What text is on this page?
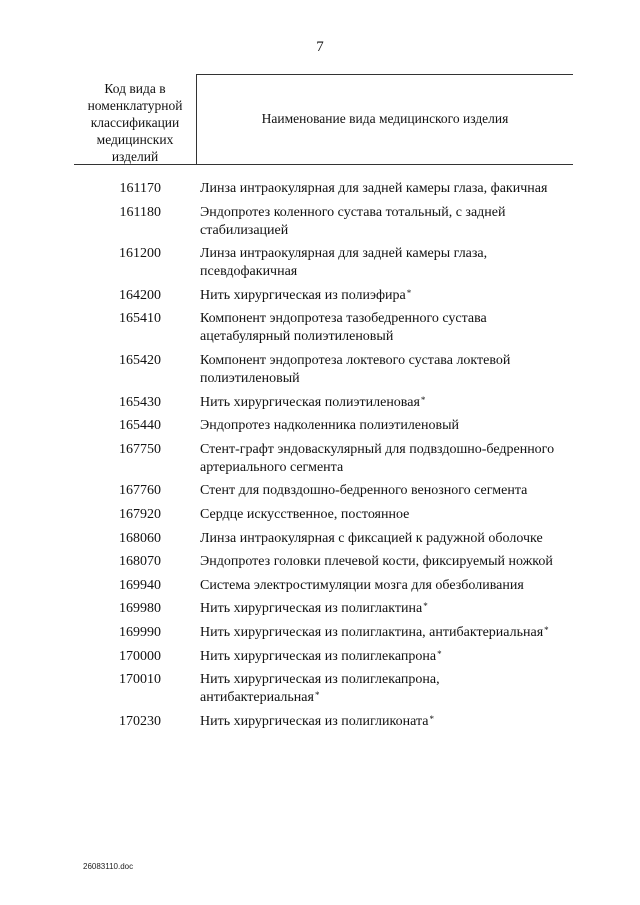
7
Код вида в номенклатурной классификации медицинских изделий
Наименование вида медицинского изделия
161170	Линза интраокулярная для задней камеры глаза, факичная
161180	Эндопротез коленного сустава тотальный, с задней стабилизацией
161200	Линза интраокулярная для задней камеры глаза, псевдофакичная
164200	Нить хирургическая из полиэфира*
165410	Компонент эндопротеза тазобедренного сустава ацетабулярный полиэтиленовый
165420	Компонент эндопротеза локтевого сустава локтевой полиэтиленовый
165430	Нить хирургическая полиэтиленовая*
165440	Эндопротез надколенника полиэтиленовый
167750	Стент-графт эндоваскулярный для подвздошно-бедренного артериального сегмента
167760	Стент для подвздошно-бедренного венозного сегмента
167920	Сердце искусственное, постоянное
168060	Линза интраокулярная с фиксацией к радужной оболочке
168070	Эндопротез головки плечевой кости, фиксируемый ножкой
169940	Система электростимуляции мозга для обезболивания
169980	Нить хирургическая из полиглактина*
169990	Нить хирургическая из полиглактина, антибактериальная*
170000	Нить хирургическая из полиглекапрона*
170010	Нить хирургическая из полиглекапрона, антибактериальная*
170230	Нить хирургическая из полигликоната*
26083110.doc
